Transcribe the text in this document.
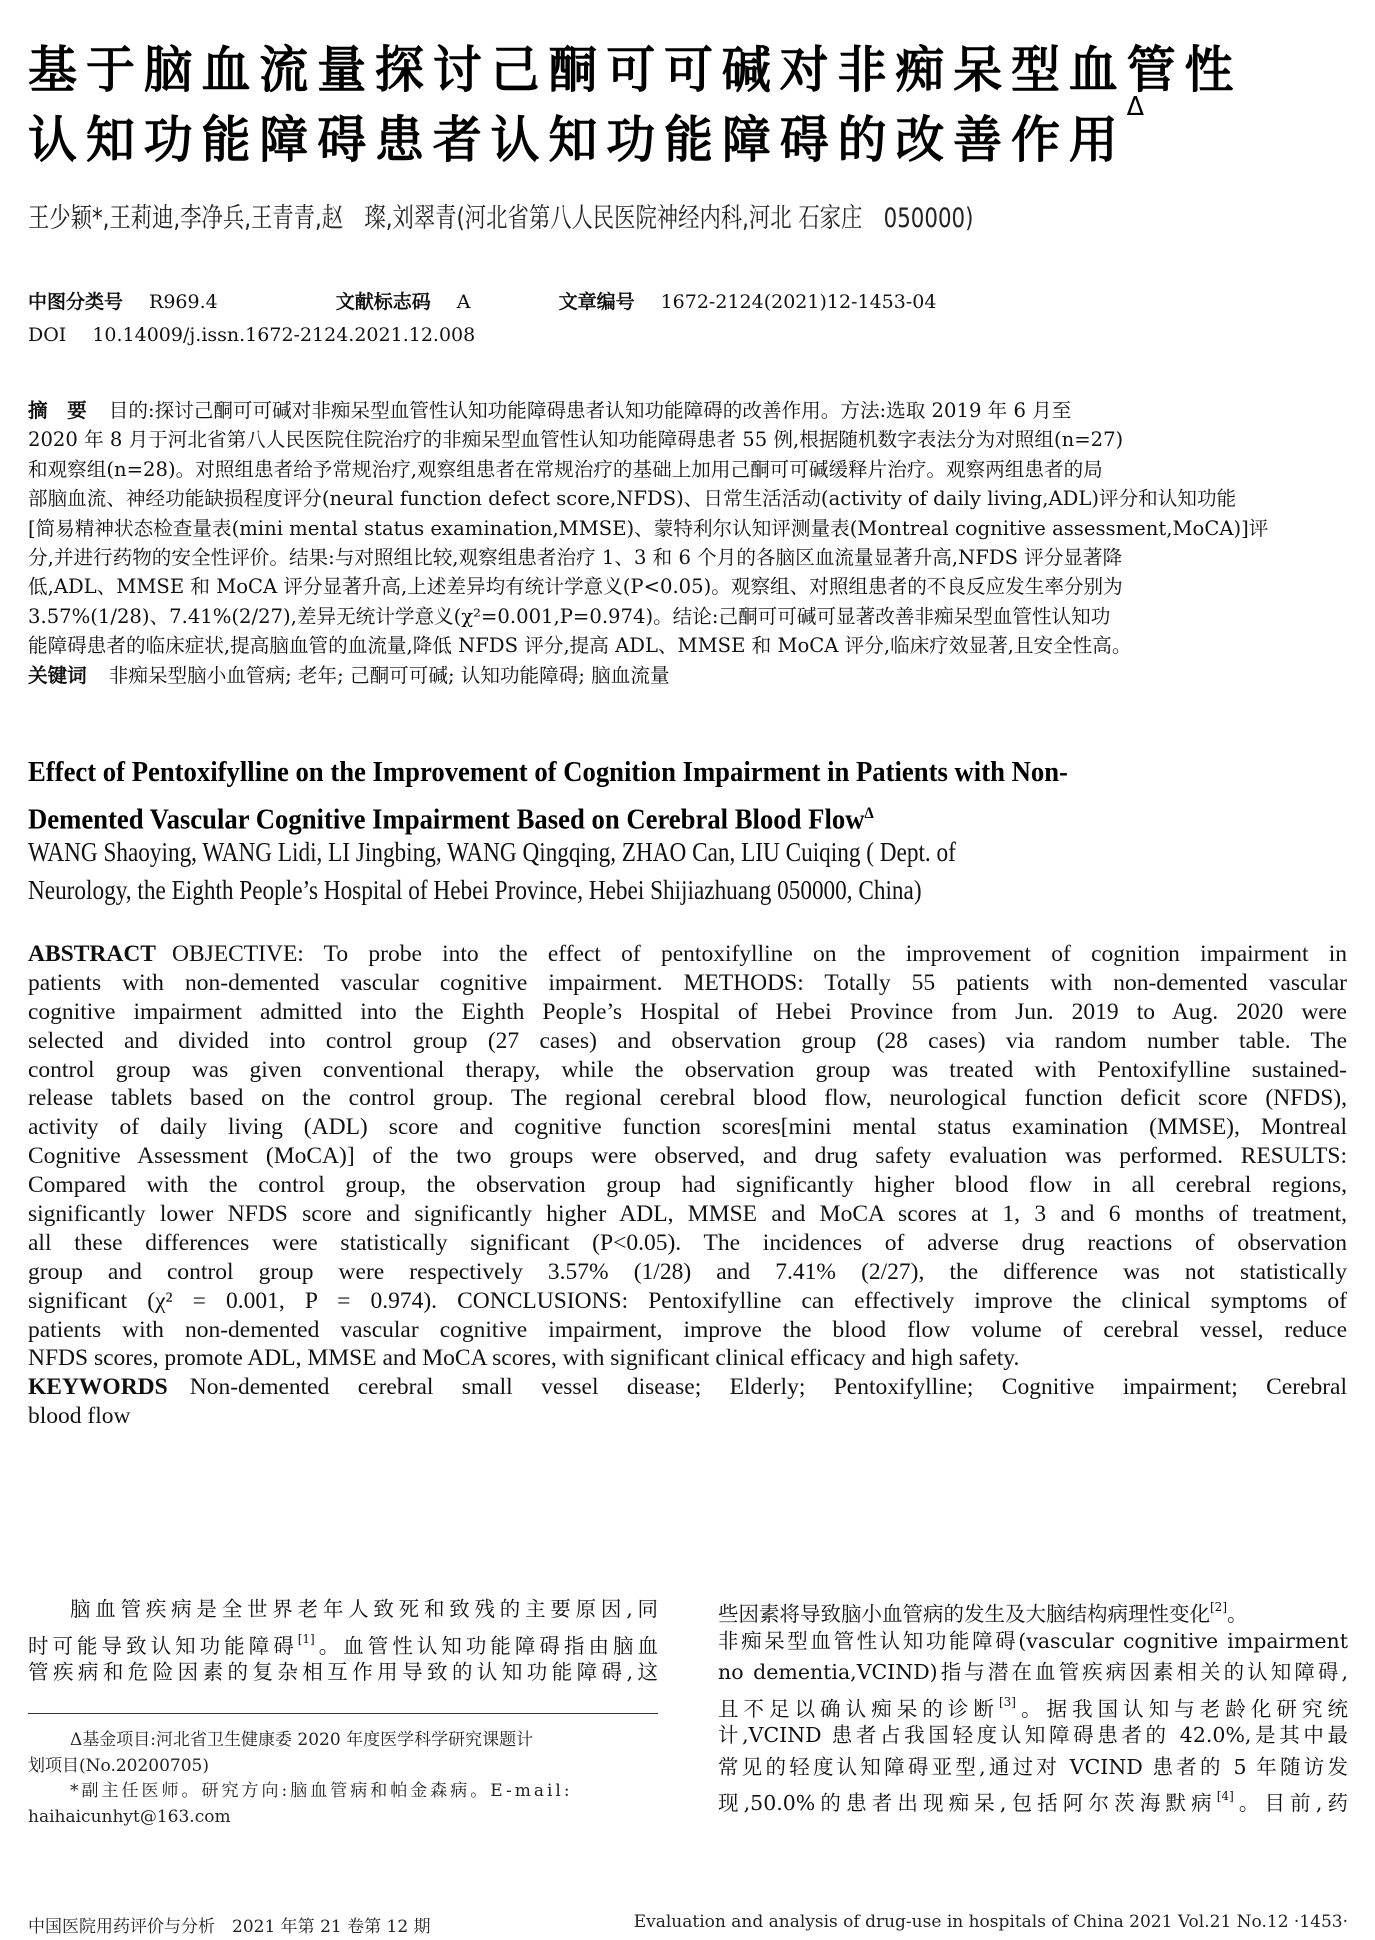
基于脑血流量探讨己酮可可碱对非痴呆型血管性
认知功能障碍患者认知功能障碍的改善作用$^\Delta$
王少颖*,王莉迪,李净兵,王青青,赵　璨,刘翠青(河北省第八人民医院神经内科,河北 石家庄　050000)
中图分类号 R969.4	文献标志码 A	文章编号 1672-2124(2021)12-1453-04
DOI 10.14009/j.issn.1672-2124.2021.12.008
摘　要 目的:探讨己酮可可碱对非痴呆型血管性认知功能障碍患者认知功能障碍的改善作用。方法:选取 2019 年 6 月至
2020 年 8 月于河北省第八人民医院住院治疗的非痴呆型血管性认知功能障碍患者 55 例,根据随机数字表法分为对照组(n=27)
和观察组(n=28)。对照组患者给予常规治疗,观察组患者在常规治疗的基础上加用己酮可可碱缓释片治疗。观察两组患者的局
部脑血流、神经功能缺损程度评分(neural function defect score,NFDS)、日常生活活动(activity of daily living,ADL)评分和认知功能
[简易精神状态检查量表(mini mental status examination,MMSE)、蒙特利尔认知评测量表(Montreal cognitive assessment,MoCA)]评
分,并进行药物的安全性评价。结果:与对照组比较,观察组患者治疗 1、3 和 6 个月的各脑区血流量显著升高,NFDS 评分显著降
低,ADL、MMSE 和 MoCA 评分显著升高,上述差异均有统计学意义(P<0.05)。观察组、对照组患者的不良反应发生率分别为
3.57%(1/28)、7.41%(2/27),差异无统计学意义(χ²=0.001,P=0.974)。结论:己酮可可碱可显著改善非痴呆型血管性认知功
能障碍患者的临床症状,提高脑血管的血流量,降低 NFDS 评分,提高 ADL、MMSE 和 MoCA 评分,临床疗效显著,且安全性高。
关键词 非痴呆型脑小血管病; 老年; 己酮可可碱; 认知功能障碍; 脑血流量
Effect of Pentoxifylline on the Improvement of Cognition Impairment in Patients with Non-
Demented Vascular Cognitive Impairment Based on Cerebral Blood Flow$^\Delta$
WANG Shaoying, WANG Lidi, LI Jingbing, WANG Qingqing, ZHAO Can, LIU Cuiqing ( Dept. of
Neurology, the Eighth People’s Hospital of Hebei Province, Hebei Shijiazhuang 050000, China)
ABSTRACT OBJECTIVE: To probe into the effect of pentoxifylline on the improvement of cognition impairment in
patients with non-demented vascular cognitive impairment. METHODS: Totally 55 patients with non-demented vascular
cognitive impairment admitted into the Eighth People’s Hospital of Hebei Province from Jun. 2019 to Aug. 2020 were
selected and divided into control group (27 cases) and observation group (28 cases) via random number table. The
control group was given conventional therapy, while the observation group was treated with Pentoxifylline sustained-
release tablets based on the control group. The regional cerebral blood flow, neurological function deficit score (NFDS),
activity of daily living (ADL) score and cognitive function scores[mini mental status examination (MMSE), Montreal
Cognitive Assessment (MoCA)] of the two groups were observed, and drug safety evaluation was performed. RESULTS:
Compared with the control group, the observation group had significantly higher blood flow in all cerebral regions,
significantly lower NFDS score and significantly higher ADL, MMSE and MoCA scores at 1, 3 and 6 months of treatment,
all these differences were statistically significant (P<0.05). The incidences of adverse drug reactions of observation
group and control group were respectively 3.57% (1/28) and 7.41% (2/27), the difference was not statistically
significant (χ² = 0.001, P = 0.974). CONCLUSIONS: Pentoxifylline can effectively improve the clinical symptoms of
patients with non-demented vascular cognitive impairment, improve the blood flow volume of cerebral vessel, reduce
NFDS scores, promote ADL, MMSE and MoCA scores, with significant clinical efficacy and high safety.
KEYWORDS Non-demented cerebral small vessel disease; Elderly; Pentoxifylline; Cognitive impairment; Cerebral
blood flow
脑血管疾病是全世界老年人致死和致残的主要原因,同
时可能导致认知功能障碍[1]。血管性认知功能障碍指由脑血
管疾病和危险因素的复杂相互作用导致的认知功能障碍,这
Δ基金项目:河北省卫生健康委 2020 年度医学科学研究课题计
划项目(No.20200705)
*副主任医师。研究方向:脑血管病和帕金森病。E-mail:
haihaicunhyt@163.com
些因素将导致脑小血管病的发生及大脑结构病理性变化[2]。
非痴呆型血管性认知功能障碍(vascular cognitive impairment
no dementia,VCIND)指与潜在血管疾病因素相关的认知障碍,
且不足以确认痴呆的诊断[3]。据我国认知与老龄化研究统
计,VCIND 患者占我国轻度认知障碍患者的 42.0%,是其中最
常见的轻度认知障碍亚型,通过对 VCIND 患者的 5 年随访发
现,50.0%的患者出现痴呆,包括阿尔茨海默病[4]。目前,药
中国医院用药评价与分析　2021 年第 21 卷第 12 期	Evaluation and analysis of drug-use in hospitals of China 2021 Vol.21 No.12 ·1453·
